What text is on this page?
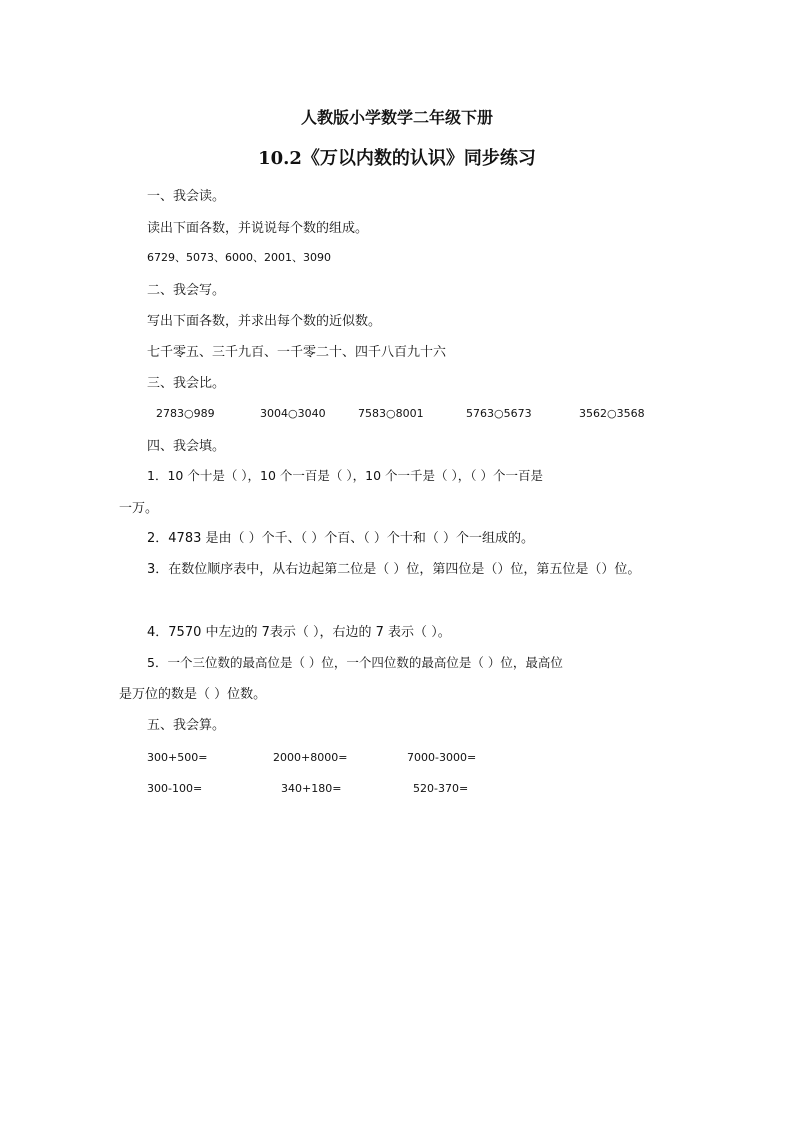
人教版小学数学二年级下册
10.2《万以内数的认识》同步练习
一、我会读。
读出下面各数，并说说每个数的组成。
6729、5073、6000、2001、3090
二、我会写。
写出下面各数，并求出每个数的近似数。
七千零五、三千九百、一千零二十、四千八百九十六
三、我会比。
2783○989	3004○3040	7583○8001	5763○5673	3562○3568
四、我会填。
1．10 个十是（ ），10 个一百是（ ），10 个一千是（ ），（ ）个一百是
一万。
2．4783 是由（ ）个千、（ ）个百、（ ）个十和（ ）个一组成的。
3．在数位顺序表中，从右边起第二位是（ ）位，第四位是（）位，第五位是（）位。
4．7570 中左边的 7表示（ ），右边的 7 表示（ ）。
5．一个三位数的最高位是（ ）位，一个四位数的最高位是（ ）位，最高位
是万位的数是（ ）位数。
五、我会算。
300+500=	2000+8000=	7000-3000=
300-100=	340+180=	520-370=
